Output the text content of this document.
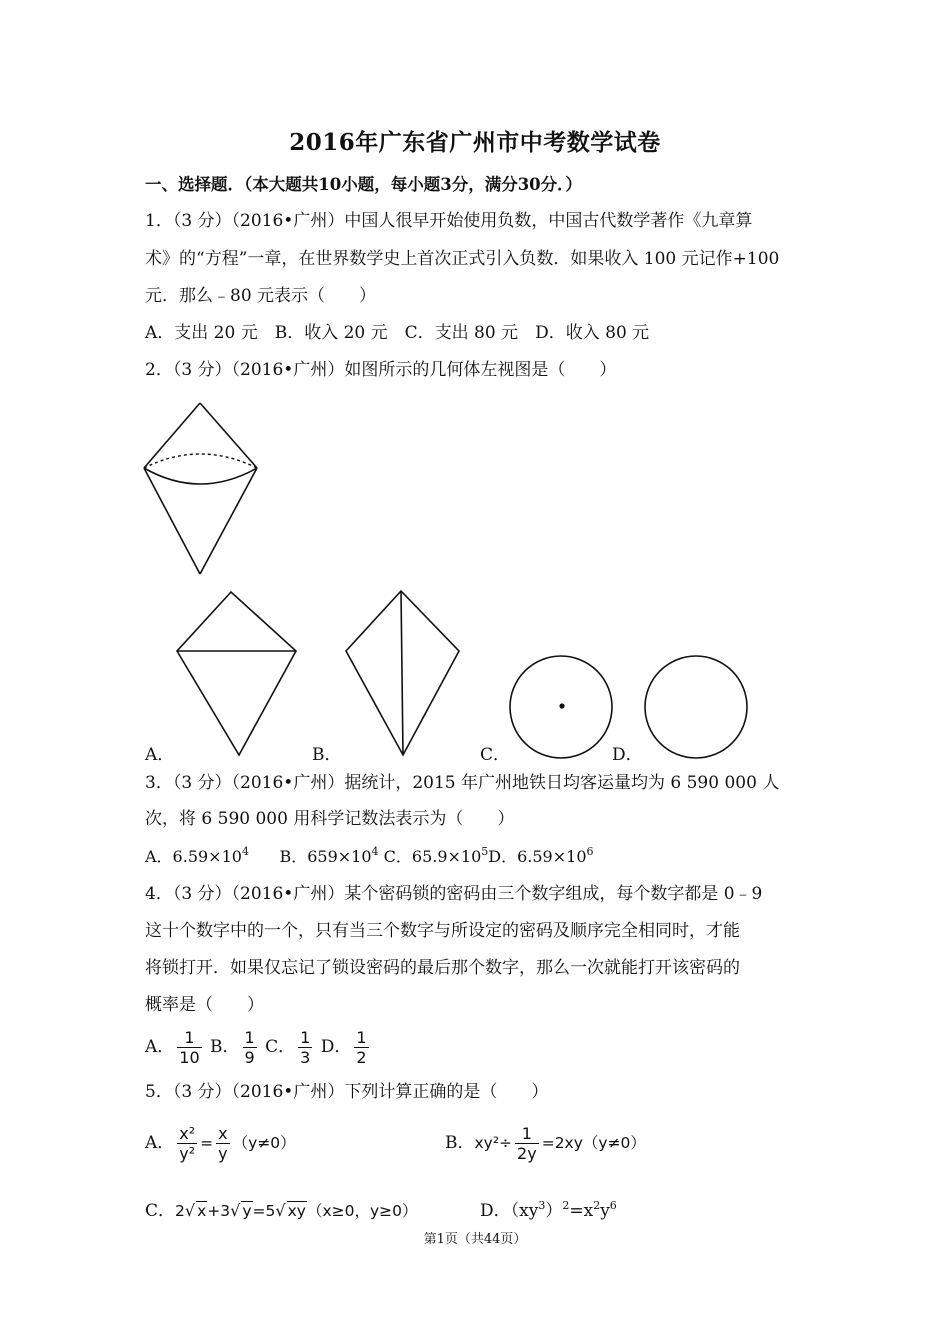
2016年广东省广州市中考数学试卷
一、选择题．（本大题共10小题，每小题3分，满分30分．）
1．（3 分）（2016•广州）中国人很早开始使用负数，中国古代数学著作《九章算
术》的“方程”一章，在世界数学史上首次正式引入负数．如果收入 100 元记作+100
元．那么﹣80 元表示（　　）
A．支出 20 元　B．收入 20 元　C．支出 80 元　D．收入 80 元
2．（3 分）（2016•广州）如图所示的几何体左视图是（　　）
A．	B．	C．	D．
3．（3 分）（2016•广州）据统计，2015 年广州地铁日均客运量均为 6 590 000 人
次，将 6 590 000 用科学记数法表示为（　　）
A．$6.59\times 10^4$ B．$659\times 10^4$ C．$65.9\times 10^5D$．$6.59\times 10^6$
4．（3 分）（2016•广州）某个密码锁的密码由三个数字组成，每个数字都是 0﹣9
这十个数字中的一个，只有当三个数字与所设定的密码及顺序完全相同时，才能
将锁打开．如果仅忘记了锁设密码的最后那个数字，那么一次就能打开该密码的
概率是（　　）
A． $\frac{1}{10}$ B． $\frac{1}{9}$ C． $\frac{1}{3}$ D． $\frac{1}{2}$
5．（3 分）（2016•广州）下列计算正确的是（　　）
A． $\frac{\text{x²}}{\text{y²}} = \frac{x}{y} (y\ne 0)$	B．$xy^2\div \frac{1}{2y} =2xy(y\ne 0)$
C．2√ x+3√ y=5√ xy（x≥0，y≥0）	D．$(xy^3)^2=x^2y^6$
第1页（共44页）
